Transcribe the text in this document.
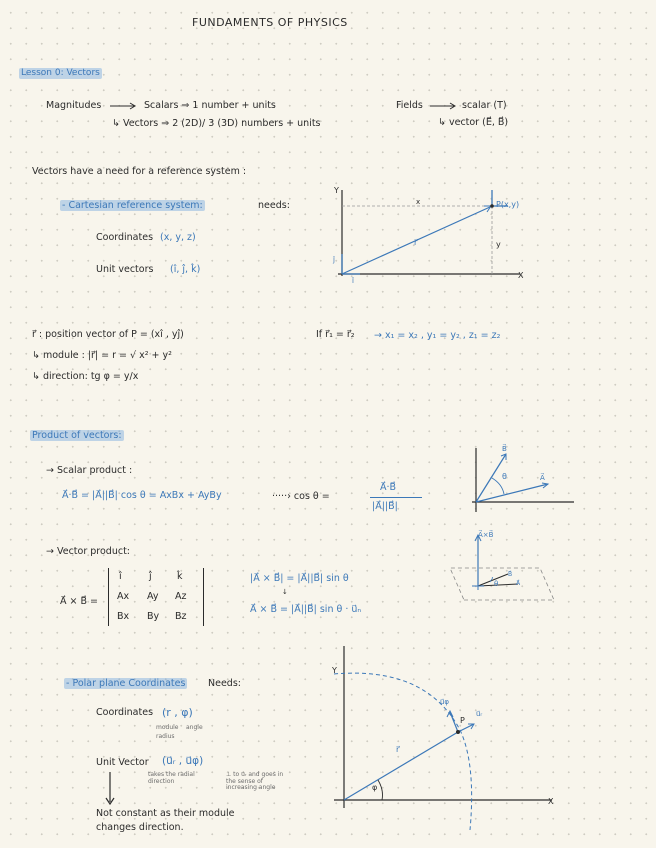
FUNDAMENTS OF PHYSICS
Lesson 0: Vectors
Magnitudes	Scalars ⇒ 1 number + units
↳ Vectors ⇒ 2 (2D)/ 3 (3D) numbers + units
Fields	scalar (T)
↳ vector (E⃗, B⃗)
Vectors have a need for a reference system :
- Cartesian reference system:	needs:
Coordinates (x, y, z)
Unit vectors (î, ĵ, k̂)
Y
X
P(x,y)
r⃗
î
ĵ
x
y
r⃗ : position vector of P = (xî , yĵ)	If r⃗₁ = r⃗₂ → x₁ = x₂ , y₁ = y₂ , z₁ = z₂
↳ module : |r⃗| = r = √ x² + y²
↳ direction: tg φ = y/x
Product of vectors:
→ Scalar product :
A⃗·B⃗ = |A⃗||B⃗| cos θ = AxBx + AyBy	·····› cos θ =
A⃗·B⃗
|A⃗||B⃗|
B⃗
A⃗
θ
→ Vector product:
A⃗ × B⃗ =
î	ĵ	k̂
Ax Ay Az
Bx By Bz
|A⃗ × B⃗| = |A⃗||B⃗| sin θ
↓
A⃗ × B⃗ = |A⃗||B⃗| sin θ · u⃗ₙ
A⃗×B⃗
B⃗
A⃗
θ
- Polar plane Coordinates Needs:
Coordinates (r , φ)
module angle
radius
Unit Vector (u⃗ᵣ , u⃗φ)
takes the radial direction
⊥ to u⃗ᵣ and goes in the sense of increasing angle
Not constant as their module
changes direction.
Y
X
r⃗
P
u⃗ᵣ
u⃗φ
φ
